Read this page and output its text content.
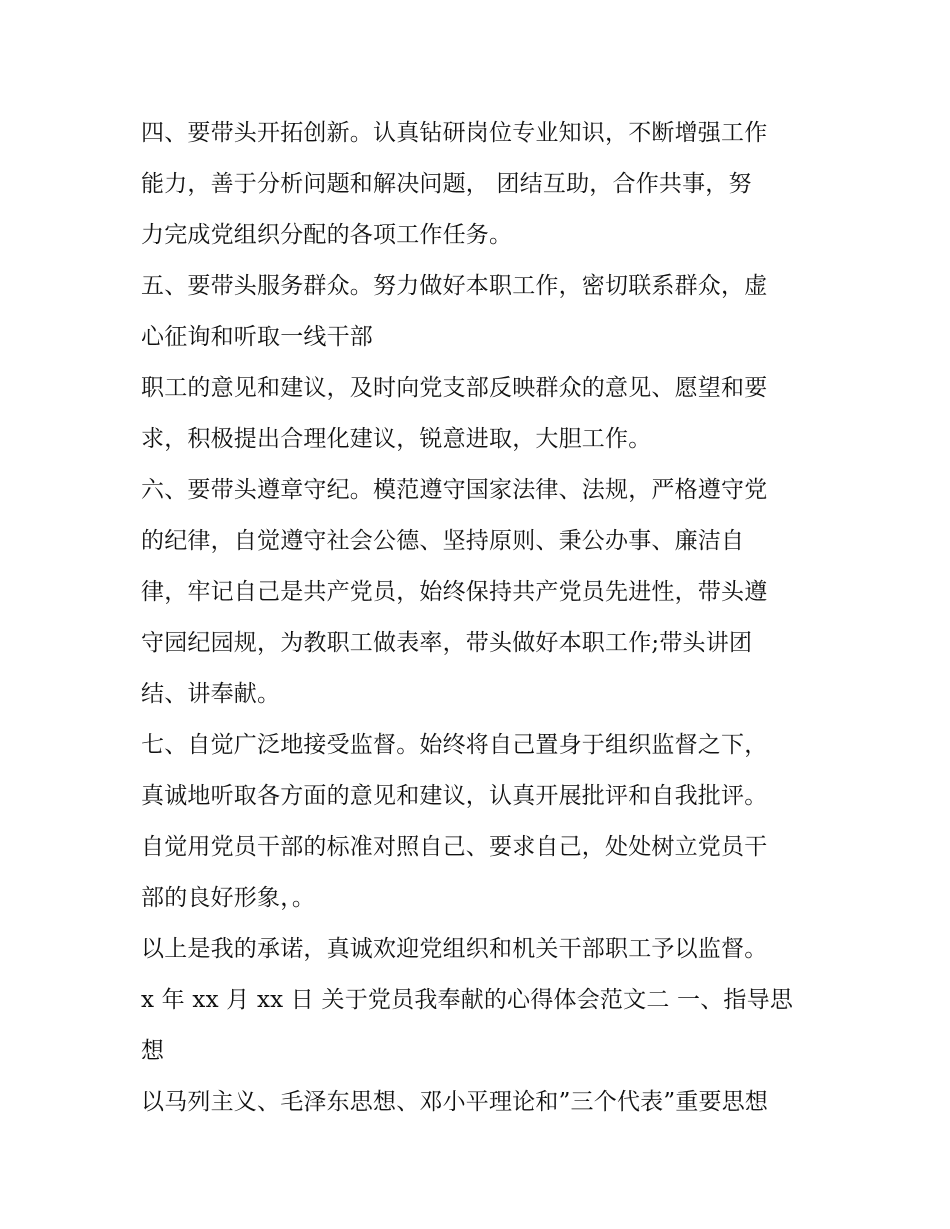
四、要带头开拓创新。认真钻研岗位专业知识，不断增强工作
能力，善于分析问题和解决问题， 团结互助，合作共事，努
力完成党组织分配的各项工作任务。
五、要带头服务群众。努力做好本职工作，密切联系群众，虚
心征询和听取一线干部
职工的意见和建议，及时向党支部反映群众的意见、愿望和要
求，积极提出合理化建议，锐意进取，大胆工作。
六、要带头遵章守纪。模范遵守国家法律、法规，严格遵守党
的纪律，自觉遵守社会公德、坚持原则、秉公办事、廉洁自
律，牢记自己是共产党员，始终保持共产党员先进性，带头遵
守园纪园规，为教职工做表率，带头做好本职工作;带头讲团
结、讲奉献。
七、自觉广泛地接受监督。始终将自己置身于组织监督之下，
真诚地听取各方面的意见和建议，认真开展批评和自我批评。
自觉用党员干部的标准对照自己、要求自己，处处树立党员干
部的良好形象，。
以上是我的承诺，真诚欢迎党组织和机关干部职工予以监督。
x 年 xx 月 xx 日 关于党员我奉献的心得体会范文二 一、指导思
想
以马列主义、毛泽东思想、邓小平理论和”三个代表”重要思想
